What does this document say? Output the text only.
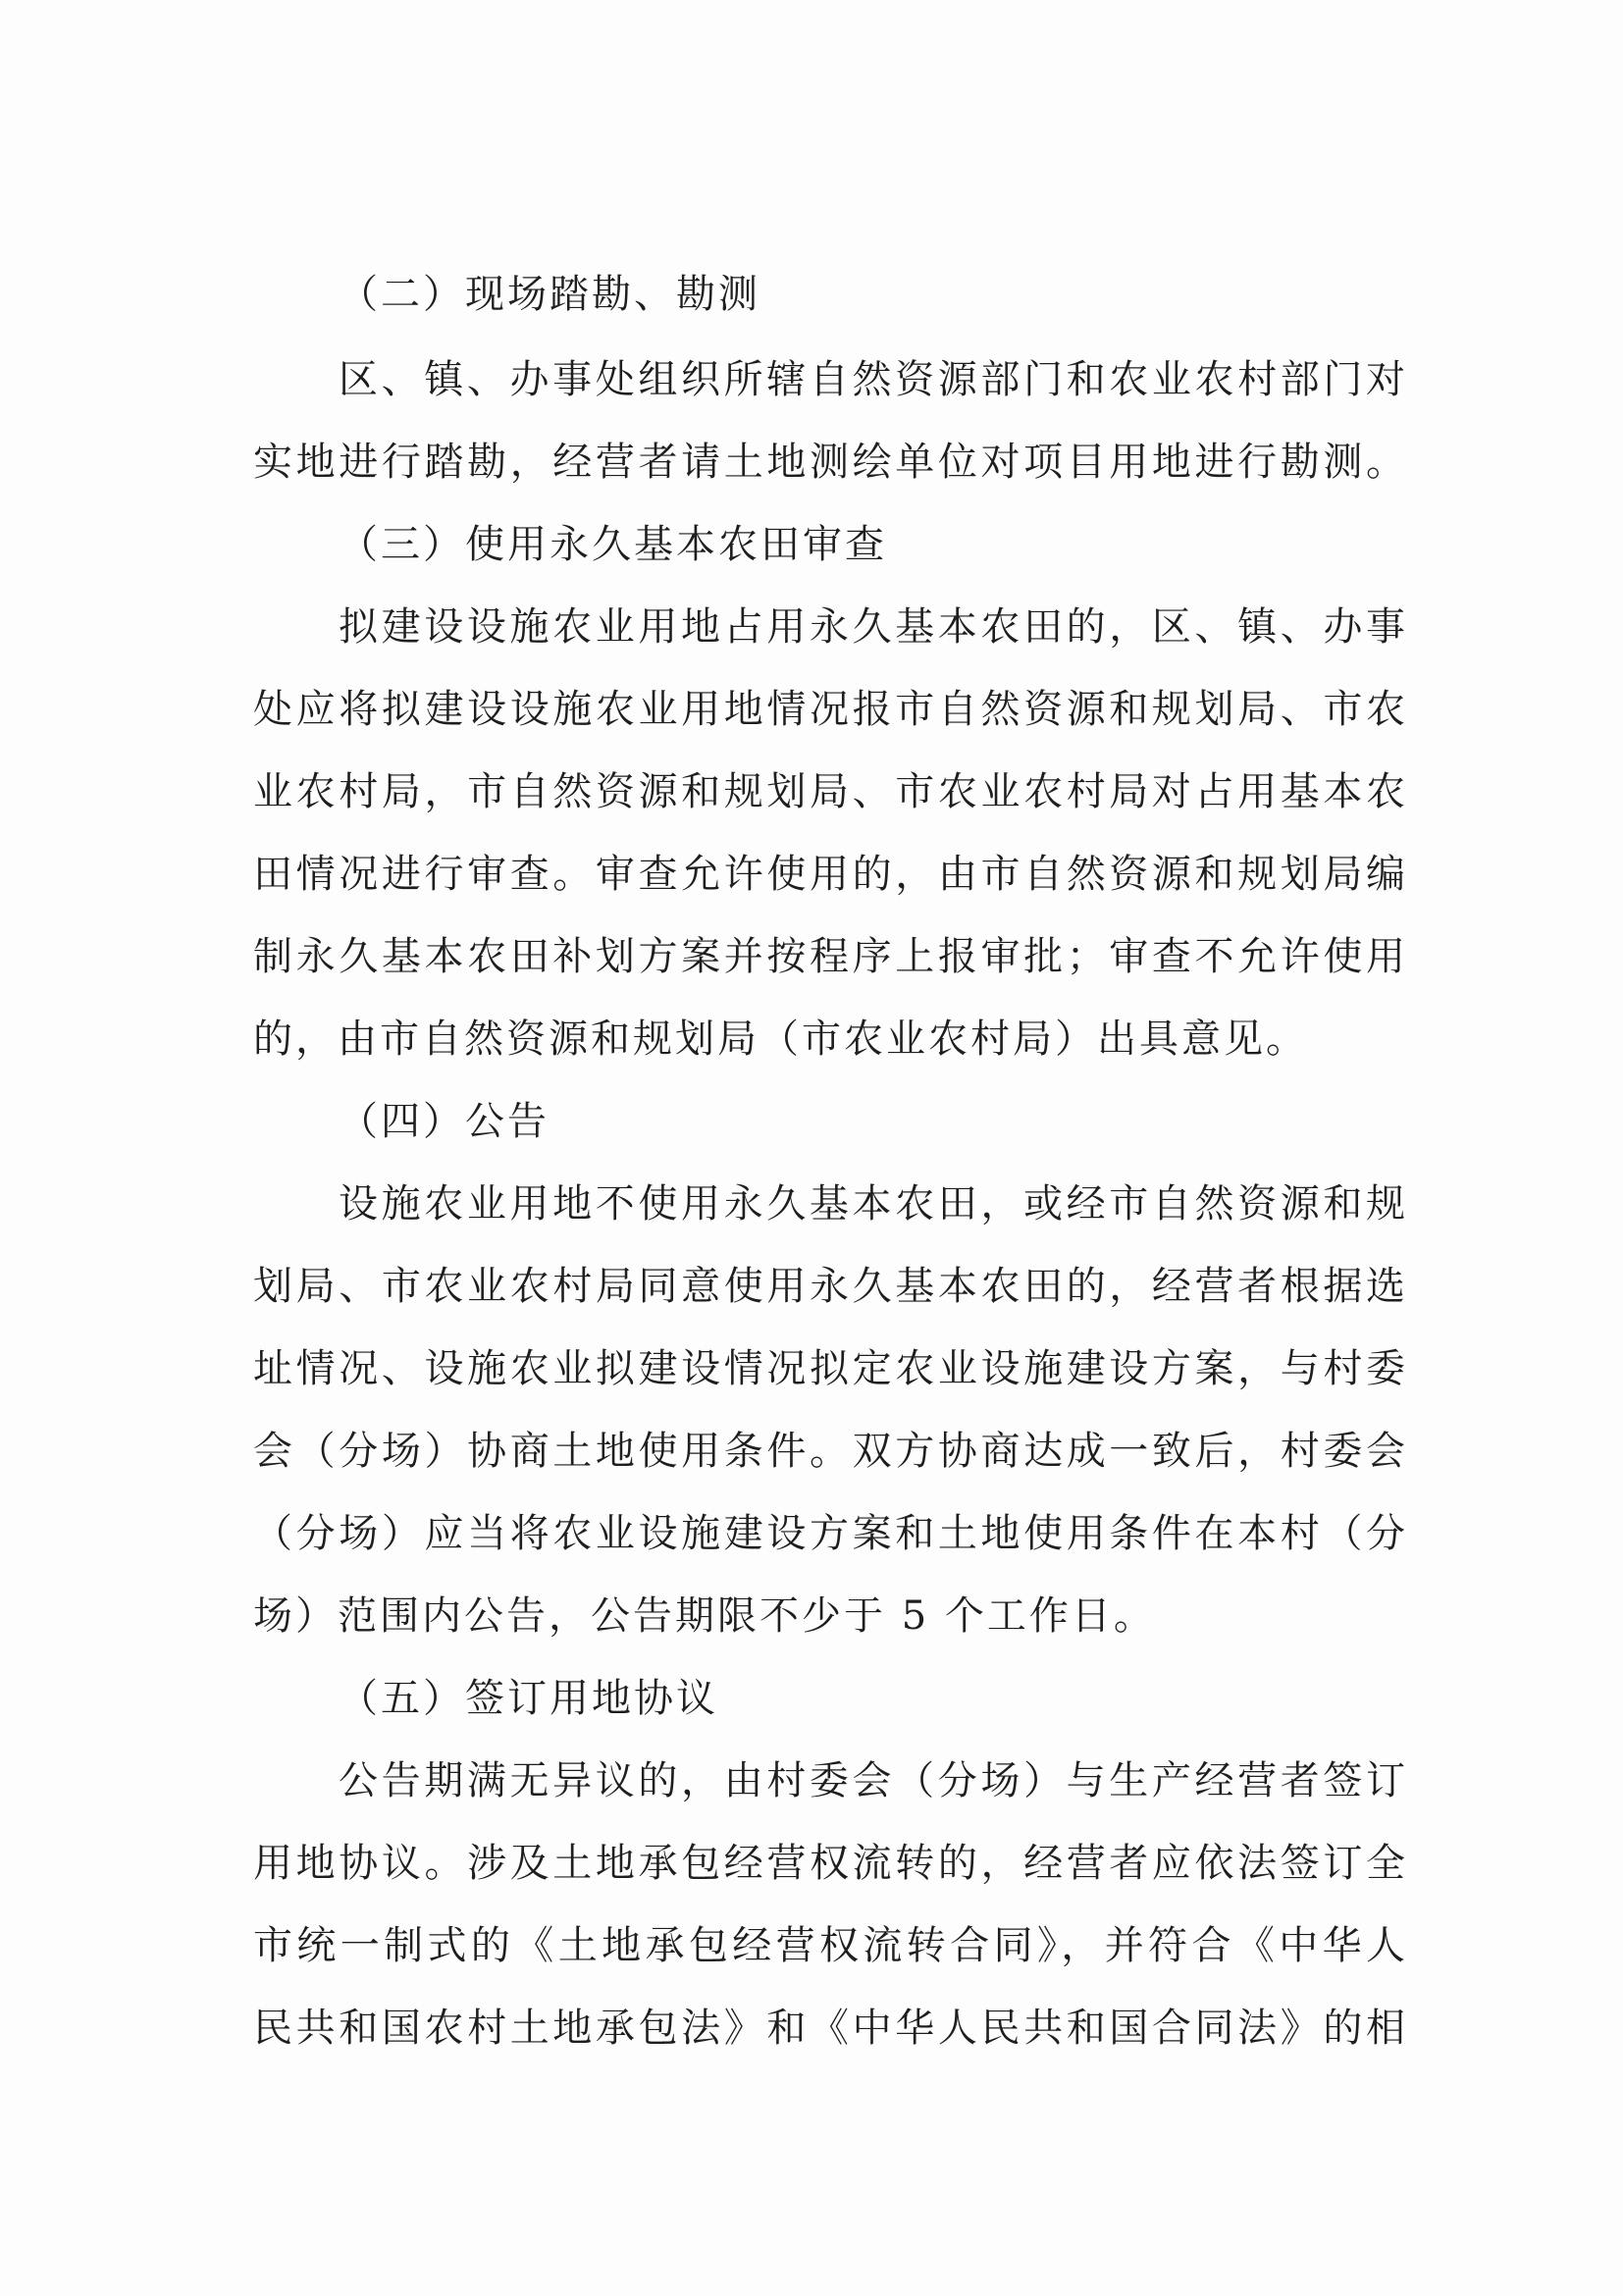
（二）现场踏勘、勘测
区、镇、办事处组织所辖自然资源部门和农业农村部门对
实地进行踏勘，经营者请土地测绘单位对项目用地进行勘测。
（三）使用永久基本农田审查
拟建设设施农业用地占用永久基本农田的，区、镇、办事
处应将拟建设设施农业用地情况报市自然资源和规划局、市农
业农村局，市自然资源和规划局、市农业农村局对占用基本农
田情况进行审查。审查允许使用的，由市自然资源和规划局编
制永久基本农田补划方案并按程序上报审批；审查不允许使用
的，由市自然资源和规划局（市农业农村局）出具意见。
（四）公告
设施农业用地不使用永久基本农田，或经市自然资源和规
划局、市农业农村局同意使用永久基本农田的，经营者根据选
址情况、设施农业拟建设情况拟定农业设施建设方案，与村委
会（分场）协商土地使用条件。双方协商达成一致后，村委会
（分场）应当将农业设施建设方案和土地使用条件在本村（分
场）范围内公告，公告期限不少于 5 个工作日。
（五）签订用地协议
公告期满无异议的，由村委会（分场）与生产经营者签订
用地协议。涉及土地承包经营权流转的，经营者应依法签订全
市统一制式的《土地承包经营权流转合同》，并符合《中华人
民共和国农村土地承包法》和《中华人民共和国合同法》的相
